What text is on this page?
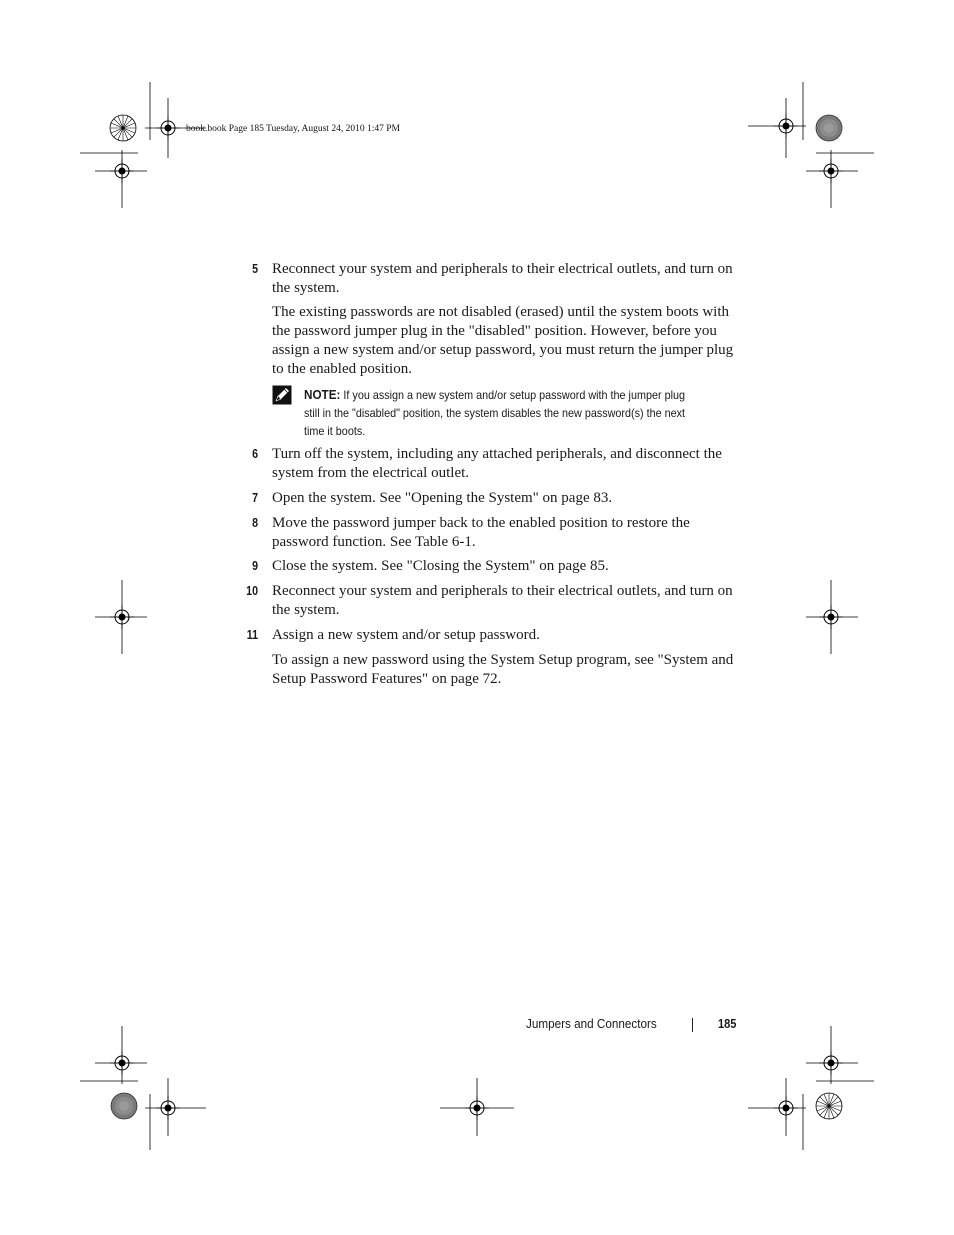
book.book Page 185 Tuesday, August 24, 2010 1:47 PM
5 Reconnect your system and peripherals to their electrical outlets, and turn on the system.
The existing passwords are not disabled (erased) until the system boots with the password jumper plug in the "disabled" position. However, before you assign a new system and/or setup password, you must return the jumper plug to the enabled position.
NOTE: If you assign a new system and/or setup password with the jumper plug still in the "disabled" position, the system disables the new password(s) the next time it boots.
6 Turn off the system, including any attached peripherals, and disconnect the system from the electrical outlet.
7 Open the system. See "Opening the System" on page 83.
8 Move the password jumper back to the enabled position to restore the password function. See Table 6-1.
9 Close the system. See "Closing the System" on page 85.
10 Reconnect your system and peripherals to their electrical outlets, and turn on the system.
11 Assign a new system and/or setup password.
To assign a new password using the System Setup program, see "System and Setup Password Features" on page 72.
Jumpers and Connectors	185
